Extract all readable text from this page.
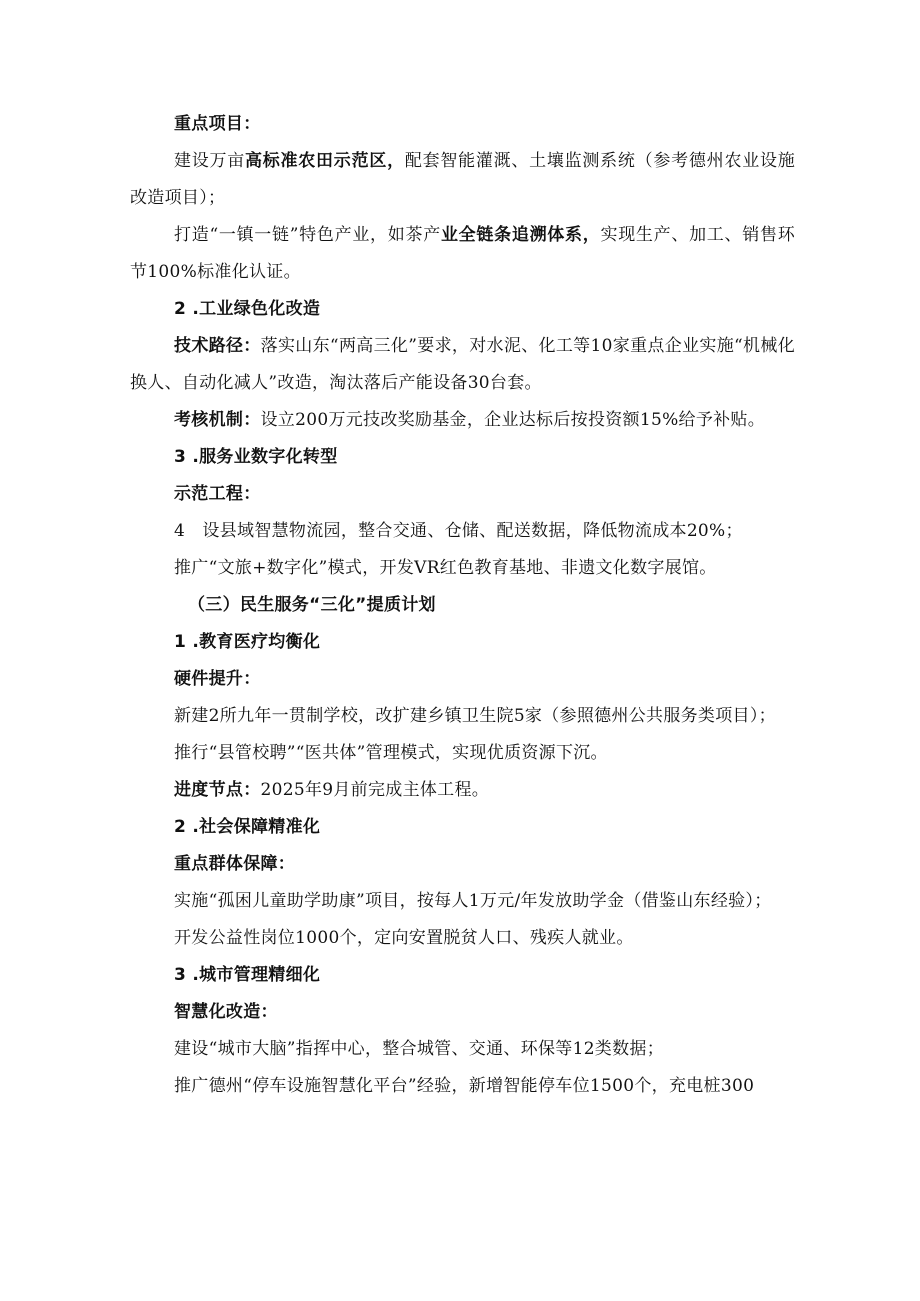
重点项目：

建设万亩高标准农田示范区，配套智能灌溉、土壤监测系统（参考德州农业设施改造项目）；

打造“一镇一链”特色产业，如茶产业全链条追溯体系，实现生产、加工、销售环节100%标准化认证。

2 .工业绿色化改造

技术路径：落实山东“两高三化”要求，对水泥、化工等10家重点企业实施“机械化换人、自动化减人”改造，淘汰落后产能设备30台套。

考核机制：设立200万元技改奖励基金，企业达标后按投资额15%给予补贴。

3 .服务业数字化转型

示范工程：

4　设县域智慧物流园，整合交通、仓储、配送数据，降低物流成本20%；

推广“文旅+数字化”模式，开发VR红色教育基地、非遗文化数字展馆。

（三）民生服务“三化”提质计划

1 .教育医疗均衡化

硬件提升：

新建2所九年一贯制学校，改扩建乡镇卫生院5家（参照德州公共服务类项目）；

推行“县管校聘”“医共体”管理模式，实现优质资源下沉。

进度节点：2025年9月前完成主体工程。

2 .社会保障精准化

重点群体保障：

实施“孤困儿童助学助康”项目，按每人1万元/年发放助学金（借鉴山东经验）；

开发公益性岗位1000个，定向安置脱贫人口、残疾人就业。

3 .城市管理精细化

智慧化改造：

建设“城市大脑”指挥中心，整合城管、交通、环保等12类数据；

推广德州“停车设施智慧化平台”经验，新增智能停车位1500个，充电桩300
